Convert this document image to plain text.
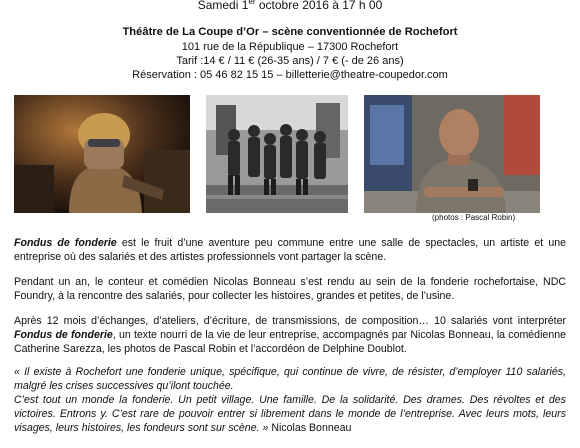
Samedi 1er octobre 2016 à 17 h 00
Théâtre de La Coupe d’Or – scène conventionnée de Rochefort
101 rue de la République – 17300 Rochefort
Tarif :14 € / 11 € (26-35 ans) / 7 € (- de 26 ans)
Réservation : 05 46 82 15 15 – billetterie@theatre-coupedor.com
(photos : Pascal Robin)

Fondus de fonderie est le fruit d’une aventure peu commune entre une salle de spectacles, un artiste et une entreprise où des salariés et des artistes professionnels vont partager la scène.

Pendant un an, le conteur et comédien Nicolas Bonneau s’est rendu au sein de la fonderie rochefortaise, NDC Foundry, à la rencontre des salariés, pour collecter les histoires, grandes et petites, de l’usine.

Après 12 mois d’échanges, d’ateliers, d’écriture, de transmissions, de composition… 10 salariés vont interpréter Fondus de fonderie, un texte nourri de la vie de leur entreprise, accompagnés par Nicolas Bonneau, la comédienne Catherine Sarezza, les photos de Pascal Robin et l’accordéon de Delphine Doublot.

« Il existe à Rochefort une fonderie unique, spécifique, qui continue de vivre, de résister, d’employer 110 salariés, malgré les crises successives qu’ilont touchée.

C’est tout un monde la fonderie. Un petit village. Une famille. De la solidarité. Des drames. Des révoltes et des victoires. Entrons y. C’est rare de pouvoir entrer si librement dans le monde de l’entreprise. Avec leurs mots, leurs visages, leurs histoires, les fondeurs sont sur scène. » Nicolas Bonneau
